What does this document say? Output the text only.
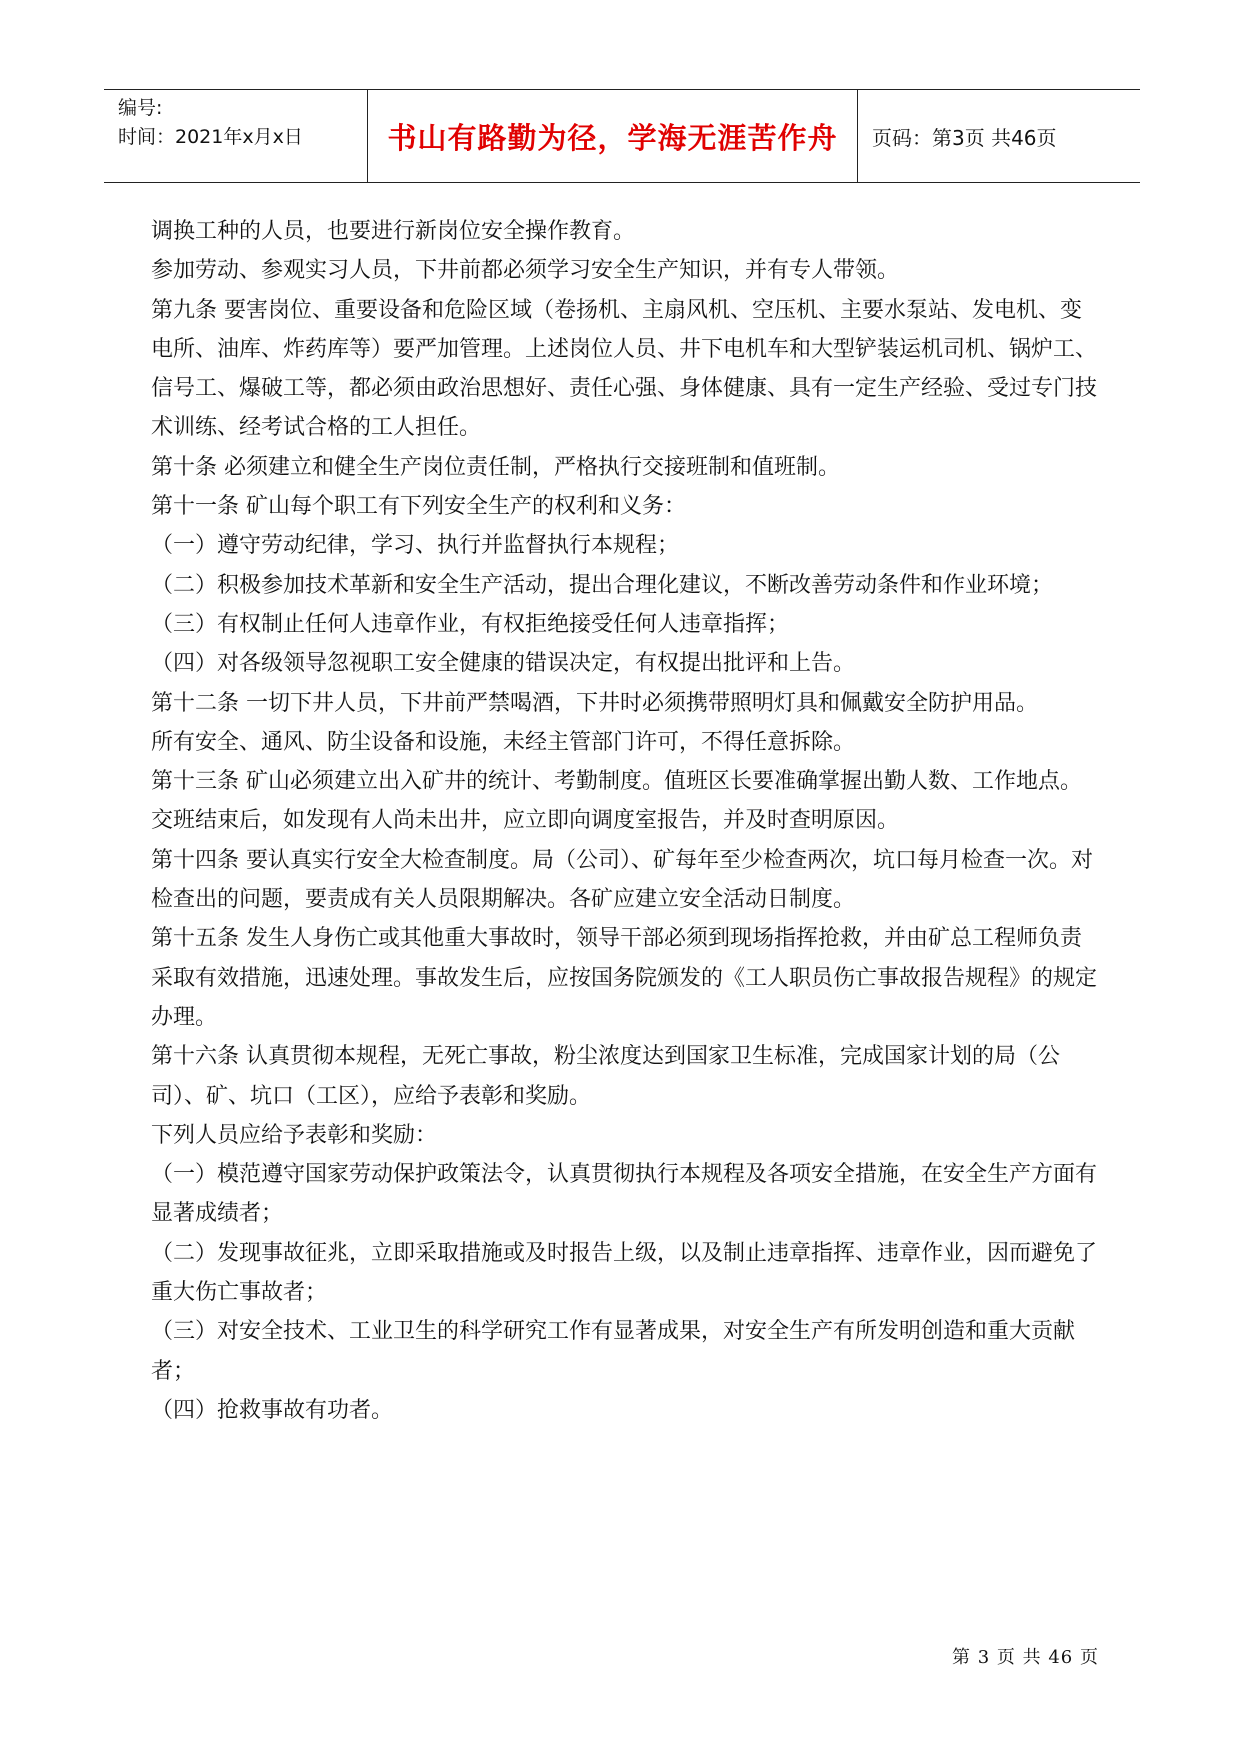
编号:
时间：2021年x月x日	书山有路勤为径，学海无涯苦作舟	页码：第3页 共46页

调换工种的人员，也要进行新岗位安全操作教育。

参加劳动、参观实习人员，下井前都必须学习安全生产知识，并有专人带领。

第九条 要害岗位、重要设备和危险区域（卷扬机、主扇风机、空压机、主要水泵站、发电机、变电所、油库、炸药库等）要严加管理。上述岗位人员、井下电机车和大型铲装运机司机、锅炉工、信号工、爆破工等，都必须由政治思想好、责任心强、身体健康、具有一定生产经验、受过专门技术训练、经考试合格的工人担任。

第十条 必须建立和健全生产岗位责任制，严格执行交接班制和值班制。

第十一条 矿山每个职工有下列安全生产的权利和义务：

（一）遵守劳动纪律，学习、执行并监督执行本规程；

（二）积极参加技术革新和安全生产活动，提出合理化建议，不断改善劳动条件和作业环境；

（三）有权制止任何人违章作业，有权拒绝接受任何人违章指挥；

（四）对各级领导忽视职工安全健康的错误决定，有权提出批评和上告。

第十二条 一切下井人员，下井前严禁喝酒，下井时必须携带照明灯具和佩戴安全防护用品。

所有安全、通风、防尘设备和设施，未经主管部门许可，不得任意拆除。

第十三条 矿山必须建立出入矿井的统计、考勤制度。值班区长要准确掌握出勤人数、工作地点。交班结束后，如发现有人尚未出井，应立即向调度室报告，并及时查明原因。

第十四条 要认真实行安全大检查制度。局（公司）、矿每年至少检查两次，坑口每月检查一次。对检查出的问题，要责成有关人员限期解决。各矿应建立安全活动日制度。

第十五条 发生人身伤亡或其他重大事故时，领导干部必须到现场指挥抢救，并由矿总工程师负责采取有效措施，迅速处理。事故发生后，应按国务院颁发的《工人职员伤亡事故报告规程》的规定办理。

第十六条 认真贯彻本规程，无死亡事故，粉尘浓度达到国家卫生标准，完成国家计划的局（公司）、矿、坑口（工区），应给予表彰和奖励。

下列人员应给予表彰和奖励：

（一）模范遵守国家劳动保护政策法令，认真贯彻执行本规程及各项安全措施，在安全生产方面有显著成绩者；

（二）发现事故征兆，立即采取措施或及时报告上级，以及制止违章指挥、违章作业，因而避免了重大伤亡事故者；

（三）对安全技术、工业卫生的科学研究工作有显著成果，对安全生产有所发明创造和重大贡献者；

（四）抢救事故有功者。

第 3 页 共 46 页
